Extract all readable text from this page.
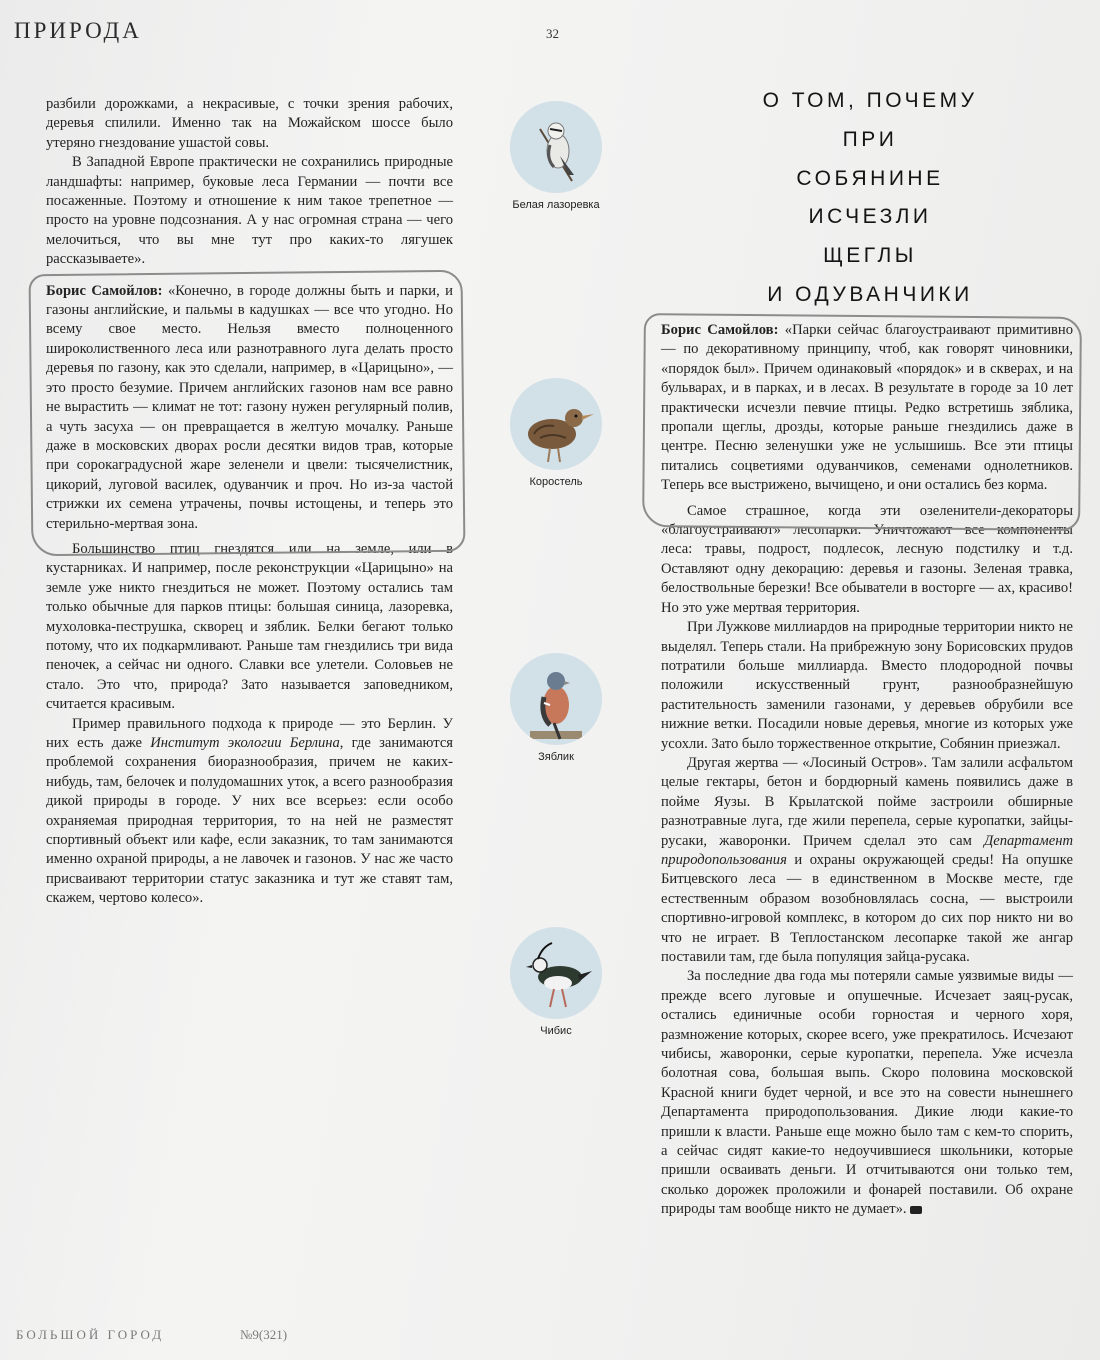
ПРИРОДА	32

разбили дорожками, а некрасивые, с точки зрения рабочих, деревья спилили. Именно так на Можайском шоссе было утеряно гнездование ушастой совы.

В Западной Европе практически не сохранились природные ландшафты: например, буковые леса Германии — почти все посаженные. Поэтому и отношение к ним такое трепетное — просто на уровне подсознания. А у нас огромная страна — чего мелочиться, что вы мне тут про каких-то лягушек рассказываете».

Борис Самойлов: «Конечно, в городе должны быть и парки, и газоны английские, и пальмы в кадушках — все что угодно. Но всему свое место. Нельзя вместо полноценного широколиственного леса или разнотравного луга делать просто деревья по газону, как это сделали, например, в «Царицыно», — это просто безумие. Причем английских газонов нам все равно не вырастить — климат не тот: газону нужен регулярный полив, а чуть засуха — он превращается в желтую мочалку. Раньше даже в московских дворах росли десятки видов трав, которые при сорокаградусной жаре зеленели и цвели: тысячелистник, цикорий, луговой василек, одуванчик и проч. Но из-за частой стрижки их семена утрачены, почвы истощены, и теперь это стерильно-мертвая зона.

Большинство птиц гнездятся или на земле, или в кустарниках. И например, после реконструкции «Царицыно» на земле уже никто гнездиться не может. Поэтому остались там только обычные для парков птицы: большая синица, лазоревка, мухоловка-пеструшка, скворец и зяблик. Белки бегают только потому, что их подкармливают. Раньше там гнездились три вида пеночек, а сейчас ни одного. Славки все улетели. Соловьев не стало. Это что, природа? Зато называется заповедником, считается красивым.

Пример правильного подхода к природе — это Берлин. У них есть даже Институт экологии Берлина, где занимаются проблемой сохранения биоразнообразия, причем не каких-нибудь, там, белочек и полудомашних уток, а всего разнообразия дикой природы в городе. У них все всерьез: если особо охраняемая природная территория, то на ней не разместят спортивный объект или кафе, если заказник, то там занимаются именно охраной природы, а не лавочек и газонов. У нас же часто присваивают территории статус заказника и тут же ставят там, скажем, чертово колесо».

Белая лазоревка
Коростель
Зяблик
Чибис
О ТОМ, ПОЧЕМУ
ПРИ
СОБЯНИНЕ
ИСЧЕЗЛИ
ЩЕГЛЫ
И ОДУВАНЧИКИ

Борис Самойлов: «Парки сейчас благоустраивают примитивно — по декоративному принципу, чтоб, как говорят чиновники, «порядок был». Причем одинаковый «порядок» и в скверах, и на бульварах, и в парках, и в лесах. В результате в городе за 10 лет практически исчезли певчие птицы. Редко встретишь зяблика, пропали щеглы, дрозды, которые раньше гнездились даже в центре. Песню зеленушки уже не услышишь. Все эти птицы питались соцветиями одуванчиков, семенами однолетников. Теперь все выстрижено, вычищено, и они остались без корма.

Самое страшное, когда эти озеленители-декораторы «благоустраивают» лесопарки. Уничтожают все компоненты леса: травы, подрост, подлесок, лесную подстилку и т.д. Оставляют одну декорацию: деревья и газоны. Зеленая травка, белоствольные березки! Все обыватели в восторге — ах, красиво! Но это уже мертвая территория.

При Лужкове миллиардов на природные территории никто не выделял. Теперь стали. На прибрежную зону Борисовских прудов потратили больше миллиарда. Вместо плодородной почвы положили искусственный грунт, разнообразнейшую растительность заменили газонами, у деревьев обрубили все нижние ветки. Посадили новые деревья, многие из которых уже усохли. Зато было торжественное открытие, Собянин приезжал.

Другая жертва — «Лосиный Остров». Там залили асфальтом целые гектары, бетон и бордюрный камень появились даже в пойме Яузы. В Крылатской пойме застроили обширные разнотравные луга, где жили перепела, серые куропатки, зайцы-русаки, жаворонки. Причем сделал это сам Департамент природопользования и охраны окружающей среды! На опушке Битцевского леса — в единственном в Москве месте, где естественным образом возобновлялась сосна, — выстроили спортивно-игровой комплекс, в котором до сих пор никто ни во что не играет. В Теплостанском лесопарке такой же ангар поставили там, где была популяция зайца-русака.

За последние два года мы потеряли самые уязвимые виды — прежде всего луговые и опушечные. Исчезает заяц-русак, остались единичные особи горностая и черного хоря, размножение которых, скорее всего, уже прекратилось. Исчезают чибисы, жаворонки, серые куропатки, перепела. Уже исчезла болотная сова, большая выпь. Скоро половина московской Красной книги будет черной, и все это на совести нынешнего Департамента природопользования. Дикие люди какие-то пришли к власти. Раньше еще можно было там с кем-то спорить, а сейчас сидят какие-то недоучившиеся школьники, которые пришли осваивать деньги. И отчитываются они только тем, сколько дорожек проложили и фонарей поставили. Об охране природы там вообще никто не думает».

БОЛЬШОЙ ГОРОД	№9(321)
